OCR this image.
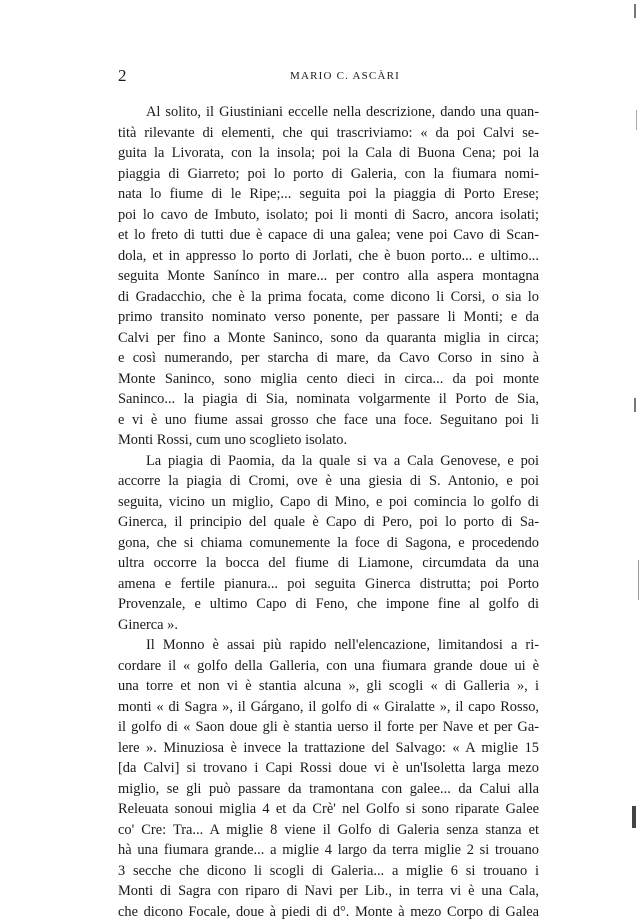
2	MARIO C. ASCÀRI
Al solito, il Giustiniani eccelle nella descrizione, dando una quan-
tità rilevante di elementi, che qui trascriviamo: « da poi Calvi se-
guita la Livorata, con la insola; poi la Cala di Buona Cena; poi la
piaggia di Giarreto; poi lo porto di Galeria, con la fiumara nomi-
nata lo fiume di le Ripe;... seguita poi la piaggia di Porto Erese;
poi lo cavo de Imbuto, isolato; poi li monti di Sacro, ancora isolati;
et lo freto di tutti due è capace di una galea; vene poi Cavo di Scan-
dola, et in appresso lo porto di Jorlati, che è buon porto... e ultimo...
seguita Monte Sanínco in mare... per contro alla aspera montagna
di Gradacchio, che è la prima focata, come dicono li Corsi, o sia lo
primo transito nominato verso ponente, per passare li Monti; e da
Calvi per fino a Monte Saninco, sono da quaranta miglia in circa;
e così numerando, per starcha di mare, da Cavo Corso in sino à
Monte Saninco, sono miglia cento dieci in circa... da poi monte
Saninco... la piagia di Sia, nominata volgarmente il Porto de Sia,
e vi è uno fiume assai grosso che face una foce. Seguitano poi li
Monti Rossi, cum uno scoglieto isolato.
La piagia di Paomia, da la quale si va a Cala Genovese, e poi
accorre la piagia di Cromi, ove è una giesia di S. Antonio, e poi
seguita, vicino un miglio, Capo di Mino, e poi comincia lo golfo di
Ginerca, il principio del quale è Capo di Pero, poi lo porto di Sa-
gona, che si chiama comunemente la foce di Sagona, e procedendo
ultra occorre la bocca del fiume di Liamone, circumdata da una
amena e fertile pianura... poi seguita Ginerca distrutta; poi Porto
Provenzale, e ultimo Capo di Feno, che impone fine al golfo di
Ginerca ».
Il Monno è assai più rapido nell'elencazione, limitandosi a ri-
cordare il « golfo della Galleria, con una fiumara grande doue ui è
una torre et non vi è stantia alcuna », gli scogli « di Galleria », i
monti « di Sagra », il Gárgano, il golfo di « Giralatte », il capo Rosso,
il golfo di « Saon doue gli è stantia uerso il forte per Nave et per Ga-
lere ». Minuziosa è invece la trattazione del Salvago: « A miglie 15
[da Calvi] si trovano i Capi Rossi doue vi è un'Isoletta larga mezo
miglio, se gli può passare da tramontana con galee... da Calui alla
Releuata sonoui miglia 4 et da Crè' nel Golfo si sono riparate Galee
co' Cre: Tra... A miglie 8 viene il Golfo di Galeria senza stanza et
hà una fiumara grande... a miglie 4 largo da terra miglie 2 si trouano
3 secche che dicono li scogli di Galeria... a miglie 6 si trouano i
Monti di Sagra con riparo di Navi per Lib., in terra vi è una Cala,
che dicono Focale, doue à piedi di d°. Monte à mezo Corpo di Galea
